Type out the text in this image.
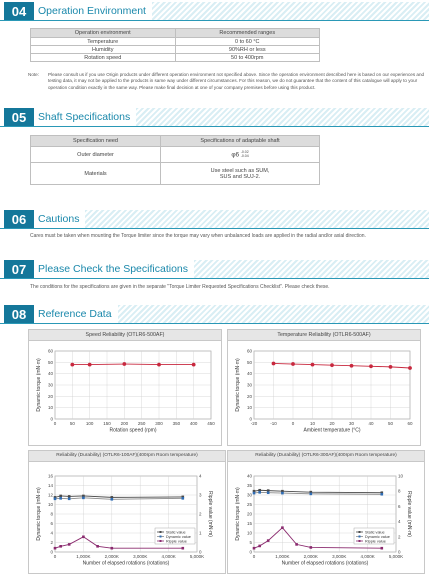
04	Operation Environment
Operation environment	Recommended ranges
Temperature	0 to 60 °C
Humidity	90%RH or less
Rotation speed	50 to 400rpm
Note: Please consult us if you use Origin products under different operation environment not specified above. Since the operation environment described here is based on our experiences and testing data, it may not be applied to the products in same way under different circumstances. For this reason, we do not guarantee that the content of this catalogue will apply to your operation condition exactly in the same way. Please make final decision at one of your company premises before using this product.
05	Shaft Specifications
Specification need	Specifications of adaptable shaft
Outer diameter	φ6 -0.02
-0.04
Materials	Use steel such as SUM,
SUS and SUJ-2.
06	Cautions
Cares must be taken when mounting the Torque limiter since the torque may vary when unbalanced loads are applied in the radial and/or axial direction.
07	Please Check the Specifications
The conditions for the specifications are given in the separate "Torque Limiter Requested Specifications Checklist". Please check these.
08	Reference Data
Speed Reliability (OTLR6-500AF)
0
10
20
30
40
50
60
0	50 100 150 200 250 300 350 400 450
Rotation speed (rpm)
Dynamic torque (mN·m)
Temperature Reliability (OTLR6-500AF)
0
10
20
30
40
50
60
-20	-10	0	10	20	30	40	50	60
Ambient temperature (°C)
Dynamic torque (mN·m)
Reliability (Durability) (OTLR6-100AF)(400rpm Room temperature)
0
2
4
6
8
10
12
14
16
0	1,000K	2,000K	3,000K	4,000K	5,000K
Number of elapsed rotations (rotations)
Dynamic torque (mN·m)
0
1
2
3
4
Ripple value (mN·m)
Static value
Dynamic value
Ripple value
Reliability (Durability) (OTLR6-300AF)(400rpm Room temperature)
0
5
10
15
20
25
30
35
40
0	1,000K	2,000K	3,000K	4,000K	5,000K
Number of elapsed rotations (rotations)
Dynamic torque (mN·m)
0
2
4
6
8
10
Ripple value (mN·m)
Static value
Dynamic value
Ripple value
